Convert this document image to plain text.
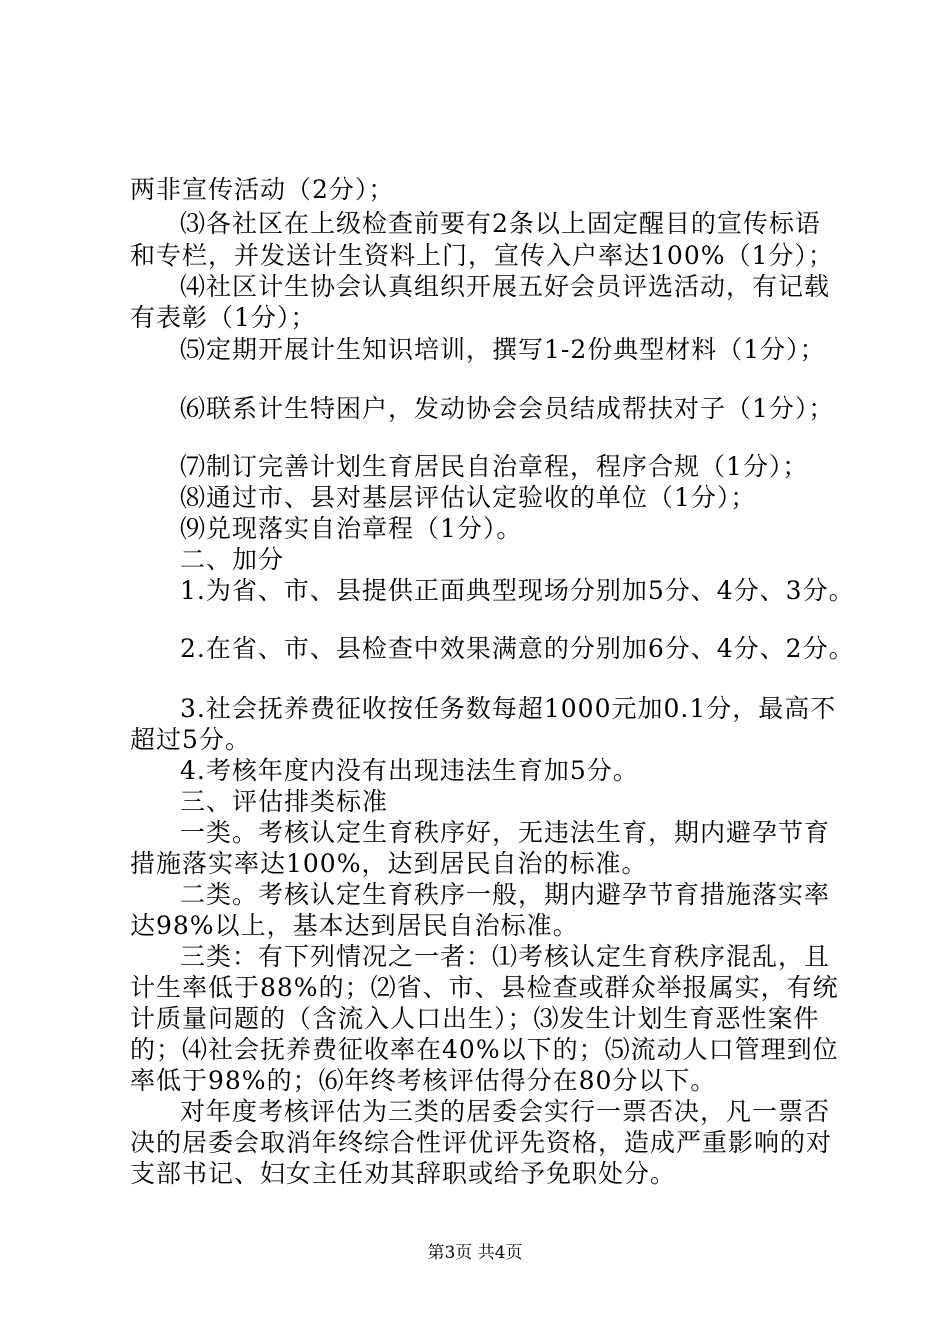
两非宣传活动（2分）；
⑶各社区在上级检查前要有2条以上固定醒目的宣传标语
和专栏，并发送计生资料上门，宣传入户率达100%（1分）；
⑷社区计生协会认真组织开展五好会员评选活动，有记载
有表彰（1分）；
⑸定期开展计生知识培训，撰写1-2份典型材料（1分）；
⑹联系计生特困户，发动协会会员结成帮扶对子（1分）；
⑺制订完善计划生育居民自治章程，程序合规（1分）；
⑻通过市、县对基层评估认定验收的单位（1分）；
⑼兑现落实自治章程（1分）。
二、加分
1.为省、市、县提供正面典型现场分别加5分、4分、3分。
2.在省、市、县检查中效果满意的分别加6分、4分、2分。
3.社会抚养费征收按任务数每超1000元加0.1分，最高不
超过5分。
4.考核年度内没有出现违法生育加5分。
三、评估排类标准
一类。考核认定生育秩序好，无违法生育，期内避孕节育
措施落实率达100%，达到居民自治的标准。
二类。考核认定生育秩序一般，期内避孕节育措施落实率
达98%以上，基本达到居民自治标准。
三类：有下列情况之一者：⑴考核认定生育秩序混乱，且
计生率低于88%的；⑵省、市、县检查或群众举报属实，有统
计质量问题的（含流入人口出生）；⑶发生计划生育恶性案件
的；⑷社会抚养费征收率在40%以下的；⑸流动人口管理到位
率低于98%的；⑹年终考核评估得分在80分以下。
对年度考核评估为三类的居委会实行一票否决，凡一票否
决的居委会取消年终综合性评优评先资格，造成严重影响的对
支部书记、妇女主任劝其辞职或给予免职处分。
第3页 共4页
